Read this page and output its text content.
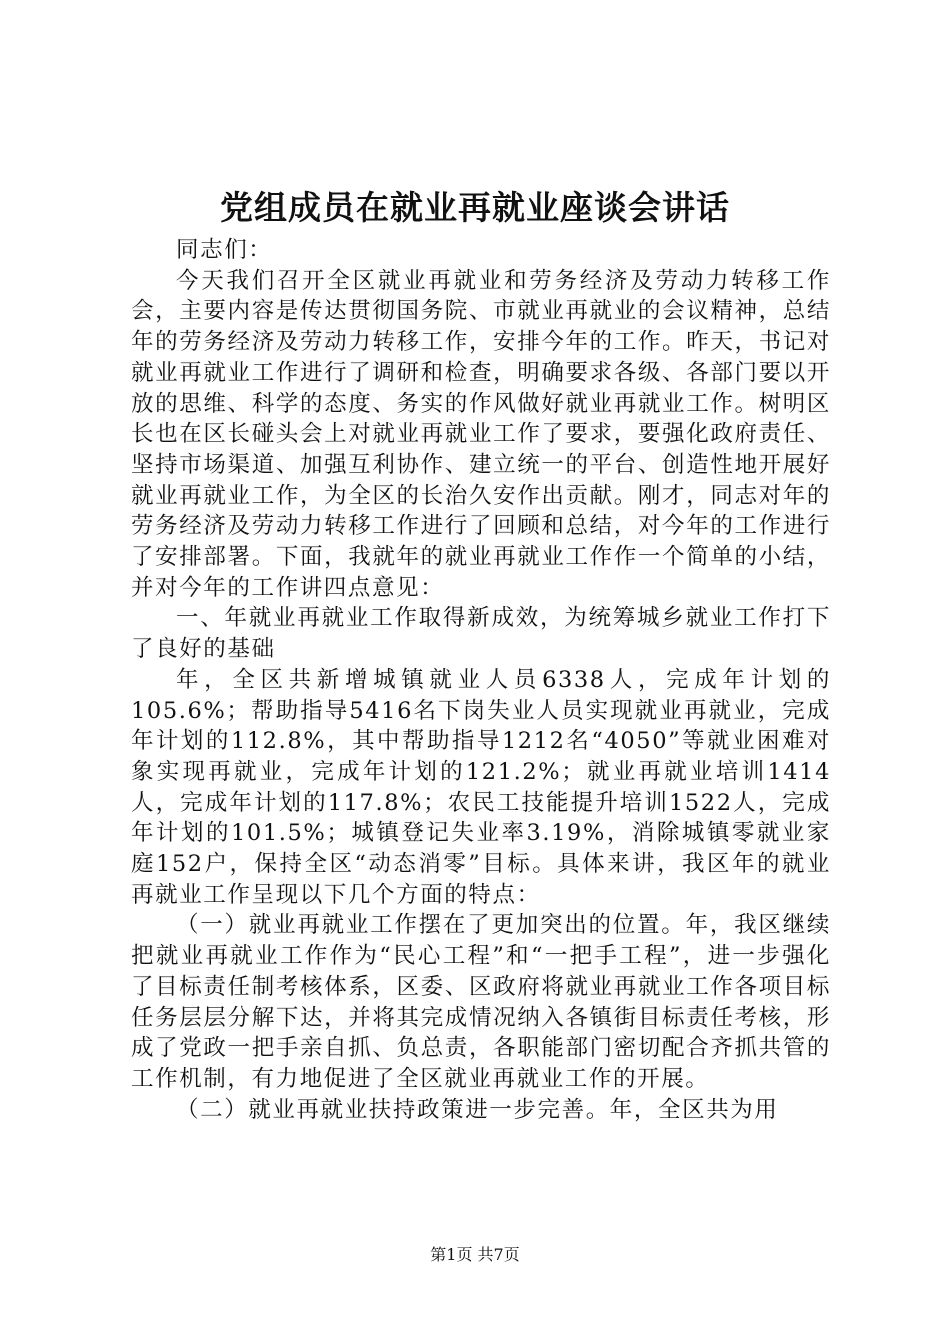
党组成员在就业再就业座谈会讲话

同志们：

今天我们召开全区就业再就业和劳务经济及劳动力转移工作会，主要内容是传达贯彻国务院、市就业再就业的会议精神，总结年的劳务经济及劳动力转移工作，安排今年的工作。昨天，书记对就业再就业工作进行了调研和检查，明确要求各级、各部门要以开放的思维、科学的态度、务实的作风做好就业再就业工作。树明区长也在区长碰头会上对就业再就业工作了要求，要强化政府责任、坚持市场渠道、加强互利协作、建立统一的平台、创造性地开展好就业再就业工作，为全区的长治久安作出贡献。刚才，同志对年的劳务经济及劳动力转移工作进行了回顾和总结，对今年的工作进行了安排部署。下面，我就年的就业再就业工作作一个简单的小结，并对今年的工作讲四点意见：

一、年就业再就业工作取得新成效，为统筹城乡就业工作打下了良好的基础

年，全区共新增城镇就业人员6338人，完成年计划的105.6%；帮助指导5416名下岗失业人员实现就业再就业，完成年计划的112.8%，其中帮助指导1212名“4050”等就业困难对象实现再就业，完成年计划的121.2%；就业再就业培训1414人，完成年计划的117.8%；农民工技能提升培训1522人，完成年计划的101.5%；城镇登记失业率3.19%，消除城镇零就业家庭152户，保持全区“动态消零”目标。具体来讲，我区年的就业再就业工作呈现以下几个方面的特点：

（一）就业再就业工作摆在了更加突出的位置。年，我区继续把就业再就业工作作为“民心工程”和“一把手工程”，进一步强化了目标责任制考核体系，区委、区政府将就业再就业工作各项目标任务层层分解下达，并将其完成情况纳入各镇街目标责任考核，形成了党政一把手亲自抓、负总责，各职能部门密切配合齐抓共管的工作机制，有力地促进了全区就业再就业工作的开展。

（二）就业再就业扶持政策进一步完善。年，全区共为用

第1页 共7页
